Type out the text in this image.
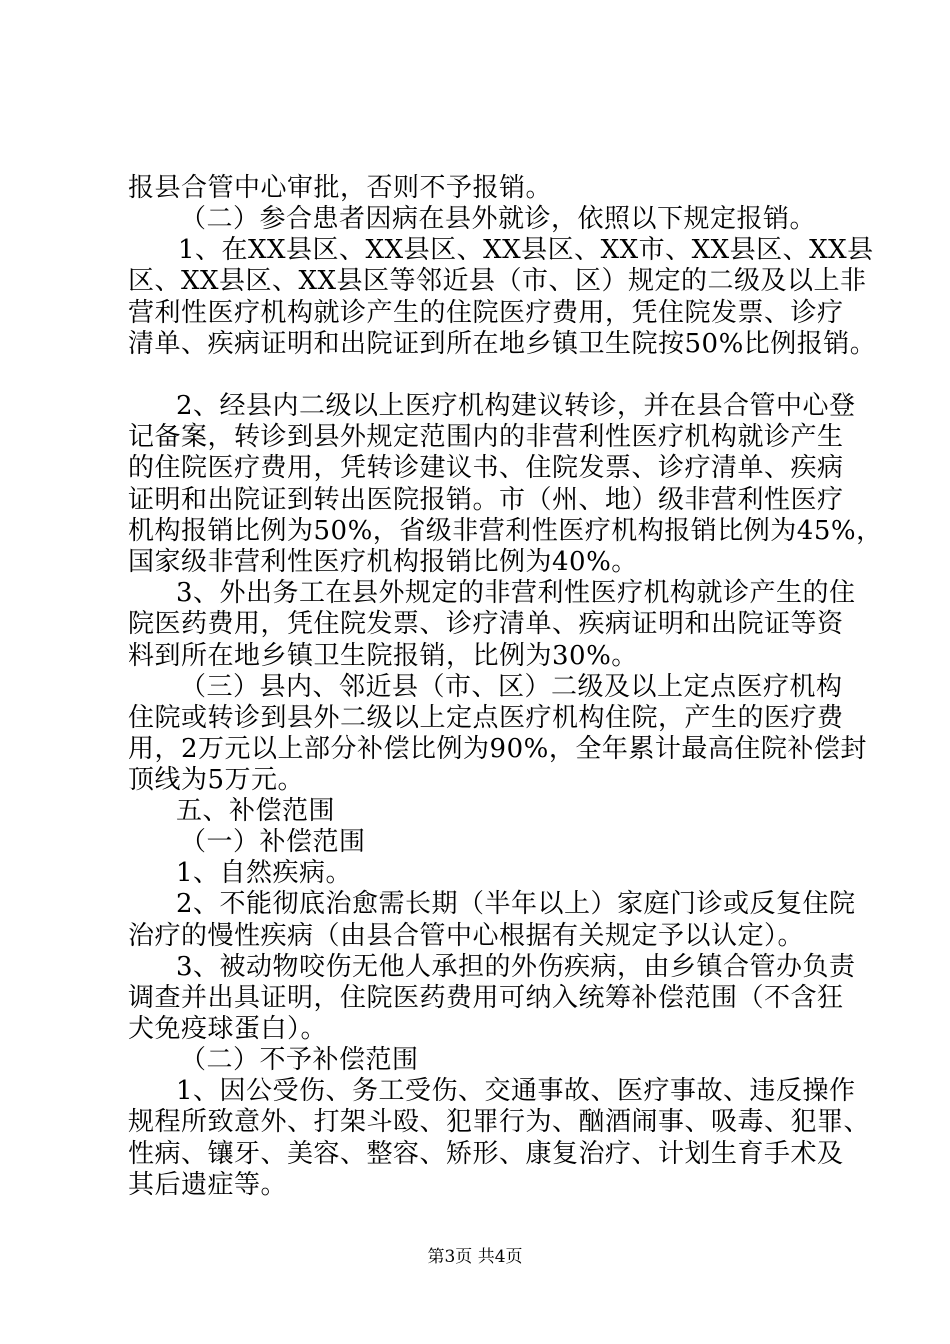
报县合管中心审批，否则不予报销。
（二）参合患者因病在县外就诊，依照以下规定报销。
1、在XX县区、XX县区、XX县区、XX市、XX县区、XX县
区、XX县区、XX县区等邻近县（市、区）规定的二级及以上非
营利性医疗机构就诊产生的住院医疗费用，凭住院发票、诊疗
清单、疾病证明和出院证到所在地乡镇卫生院按50%比例报销。
2、经县内二级以上医疗机构建议转诊，并在县合管中心登
记备案，转诊到县外规定范围内的非营利性医疗机构就诊产生
的住院医疗费用，凭转诊建议书、住院发票、诊疗清单、疾病
证明和出院证到转出医院报销。市（州、地）级非营利性医疗
机构报销比例为50%，省级非营利性医疗机构报销比例为45%，
国家级非营利性医疗机构报销比例为40%。
3、外出务工在县外规定的非营利性医疗机构就诊产生的住
院医药费用，凭住院发票、诊疗清单、疾病证明和出院证等资
料到所在地乡镇卫生院报销，比例为30%。
（三）县内、邻近县（市、区）二级及以上定点医疗机构
住院或转诊到县外二级以上定点医疗机构住院，产生的医疗费
用，2万元以上部分补偿比例为90%，全年累计最高住院补偿封
顶线为5万元。
五、补偿范围
（一）补偿范围
1、自然疾病。
2、不能彻底治愈需长期（半年以上）家庭门诊或反复住院
治疗的慢性疾病（由县合管中心根据有关规定予以认定）。
3、被动物咬伤无他人承担的外伤疾病，由乡镇合管办负责
调查并出具证明，住院医药费用可纳入统筹补偿范围（不含狂
犬免疫球蛋白）。
（二）不予补偿范围
1、因公受伤、务工受伤、交通事故、医疗事故、违反操作
规程所致意外、打架斗殴、犯罪行为、酗酒闹事、吸毒、犯罪、
性病、镶牙、美容、整容、矫形、康复治疗、计划生育手术及
其后遗症等。
第3页 共4页
